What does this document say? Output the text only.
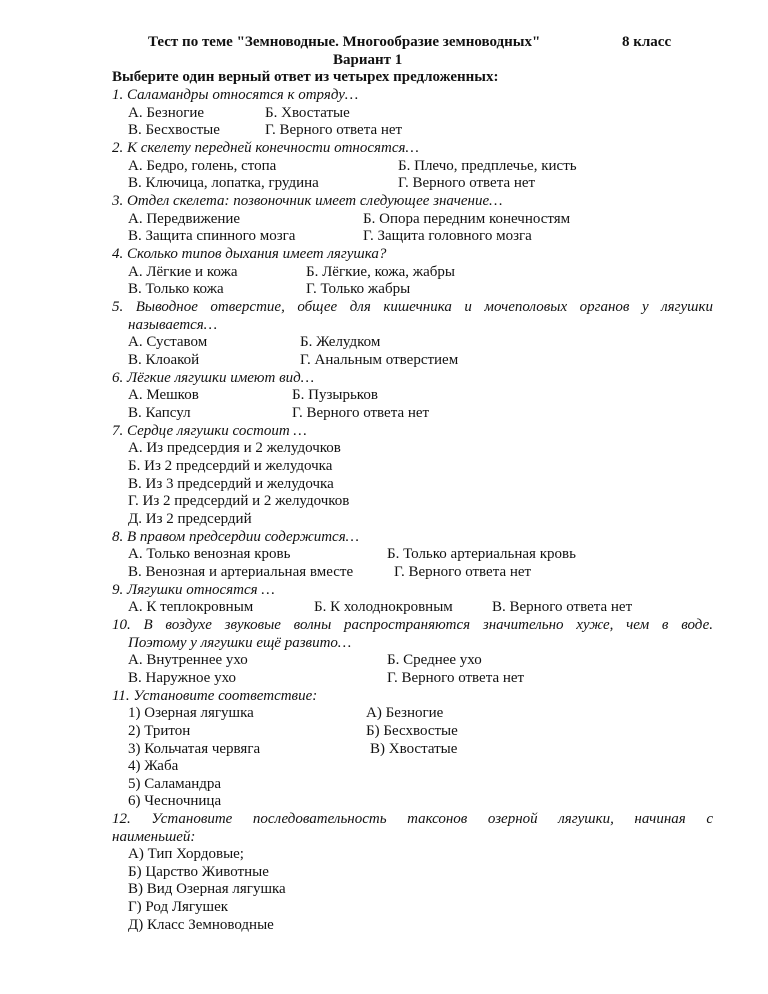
Тест по теме "Земноводные. Многообразие земноводных"	8 класс
Вариант 1
Выберите один верный ответ из четырех предложенных:
1. Саламандры относятся к отряду…
А. Безногие	Б. Хвостатые
В. Бесхвостые	Г. Верного ответа нет
2. К скелету передней конечности относятся…
А. Бедро, голень, стопа	Б. Плечо, предплечье, кисть
В. Ключица, лопатка, грудина	Г. Верного ответа нет
3. Отдел скелета: позвоночник имеет следующее значение…
А. Передвижение	Б. Опора передним конечностям
В. Защита спинного мозга	Г. Защита головного мозга
4. Сколько типов дыхания имеет лягушка?
А. Лёгкие и кожа	Б. Лёгкие, кожа, жабры
В. Только кожа	Г. Только жабры
5. Выводное отверстие, общее для кишечника и мочеполовых органов у лягушки
называется…
А. Суставом	Б. Желудком
В. Клоакой	Г. Анальным отверстием
6. Лёгкие лягушки имеют вид…
А. Мешков	Б. Пузырьков
В. Капсул	Г. Верного ответа нет
7. Сердце лягушки состоит …
А. Из предсердия и 2 желудочков
Б. Из 2 предсердий и желудочка
В. Из 3 предсердий и желудочка
Г. Из 2 предсердий и 2 желудочков
Д. Из 2 предсердий
8. В правом предсердии содержится…
А. Только венозная кровь	Б. Только артериальная кровь
В. Венозная и артериальная вместе	Г. Верного ответа нет
9. Лягушки относятся …
А. К теплокровным	Б. К холоднокровным	В. Верного ответа нет
10. В воздухе звуковые волны распространяются значительно хуже, чем в воде.
Поэтому у лягушки ещё развито…
А. Внутреннее ухо	Б. Среднее ухо
В. Наружное ухо	Г. Верного ответа нет
11. Установите соответствие:
1) Озерная лягушка	А) Безногие
2) Тритон	Б) Бесхвостые
3) Кольчатая червяга	В) Хвостатые
4) Жаба
5) Саламандра
6) Чесночница
12. Установите последовательность таксонов озерной лягушки, начиная с
наименьшей:
А) Тип Хордовые;
Б) Царство Животные
В) Вид Озерная лягушка
Г) Род Лягушек
Д) Класс Земноводные
